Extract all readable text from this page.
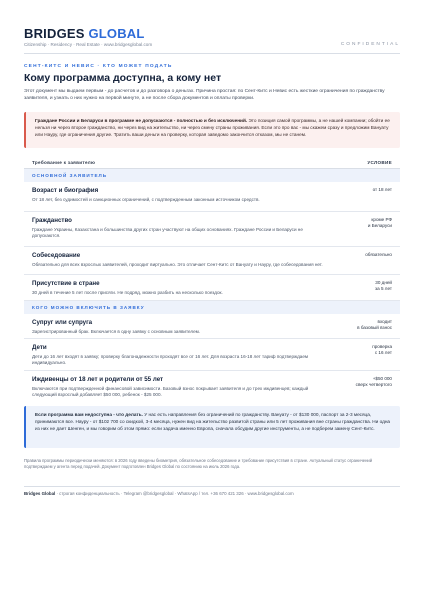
BRIDGES GLOBAL
Citizenship · Residency · Real Estate · www.bridgesglobal.com	CONFIDENTIAL
СЕНТ-КИТС И НЕВИС · КТО МОЖЕТ ПОДАТЬ
Кому программа доступна, а кому нет
Этот документ мы выдаем первым - до расчетов и до разговора о деньгах. Причина простая: по Сент-Китс и Невис есть жесткие ограничения по гражданству заявителя, и узнать о них нужно на первой минуте, а не после сбора документов и оплаты проверки.
Граждане России и Беларуси в программе не допускаются - полностью и без исключений. Это позиция самой программы, а не нашей компании; обойти ее нельзя ни через второе гражданство, ни через вид на жительство, ни через смену страны проживания. Если это про вас - мы скажем сразу и предложим Вануату или Науру, где ограничения другие. Тратить ваши деньги на проверку, которая заведомо закончится отказом, мы не станем.
Требование к заявителю	УСЛОВИЕ
ОСНОВНОЙ ЗАЯВИТЕЛЬ
Возраст и биография
От 18 лет, без судимостей и санкционных ограничений, с подтвержденным законным источником средств.
от 18 лет
Гражданство
Граждане Украины, Казахстана и большинства других стран участвуют на общих основаниях. Граждане России и Беларуси не допускаются.
кроме РФ
и Беларуси
Собеседование
Обязательно для всех взрослых заявителей, проходит виртуально. Это отличает Сент-Китс от Вануату и Науру, где собеседования нет.
обязательно
Присутствие в стране
30 дней в течение 5 лет после присяги. Не подряд, можно разбить на несколько поездок.
30 дней
за 5 лет
КОГО МОЖНО ВКЛЮЧИТЬ В ЗАЯВКУ
Супруг или супруга
Зарегистрированный брак. Включается в одну заявку с основным заявителем.
входит
в базовый взнос
Дети
Дети до 16 лет входят в заявку; проверку благонадежности проходят все от 16 лет. Для возраста 16-18 лет тариф подтверждаем индивидуально.
проверка
с 16 лет
Иждивенцы от 18 лет и родители от 55 лет
Включаются при подтвержденной финансовой зависимости. Базовый взнос покрывает заявителя и до трех иждивенцев; каждый следующий взрослый добавляет $50 000, ребенок - $25 000.
+$50 000
сверх четвертого
Если программа вам недоступна - что делать. У нас есть направления без ограничений по гражданству. Вануату - от $130 000, паспорт за 2-3 месяца, принимаются все. Науру - от $102 700 со скидкой, 3-4 месяца, нужен вид на жительство развитой страны или 5 лет проживания вне страны гражданства. Ни одна из них не дает Шенген, и мы говорим об этом прямо: если задача именно Европа, сначала обсудим другие инструменты, а не подберем замену Сент-Китс.
Правила программы периодически меняются: в 2026 году введены биометрия, обязательное собеседование и требование присутствия в стране. Актуальный статус ограничений подтверждаем у агента перед подачей. Документ подготовлен Bridges Global по состоянию на июль 2026 года.
Bridges Global · строгая конфиденциальность · Telegram @bridgesglobal · WhatsApp / тел. +36 670 421 326 · www.bridgesglobal.com
